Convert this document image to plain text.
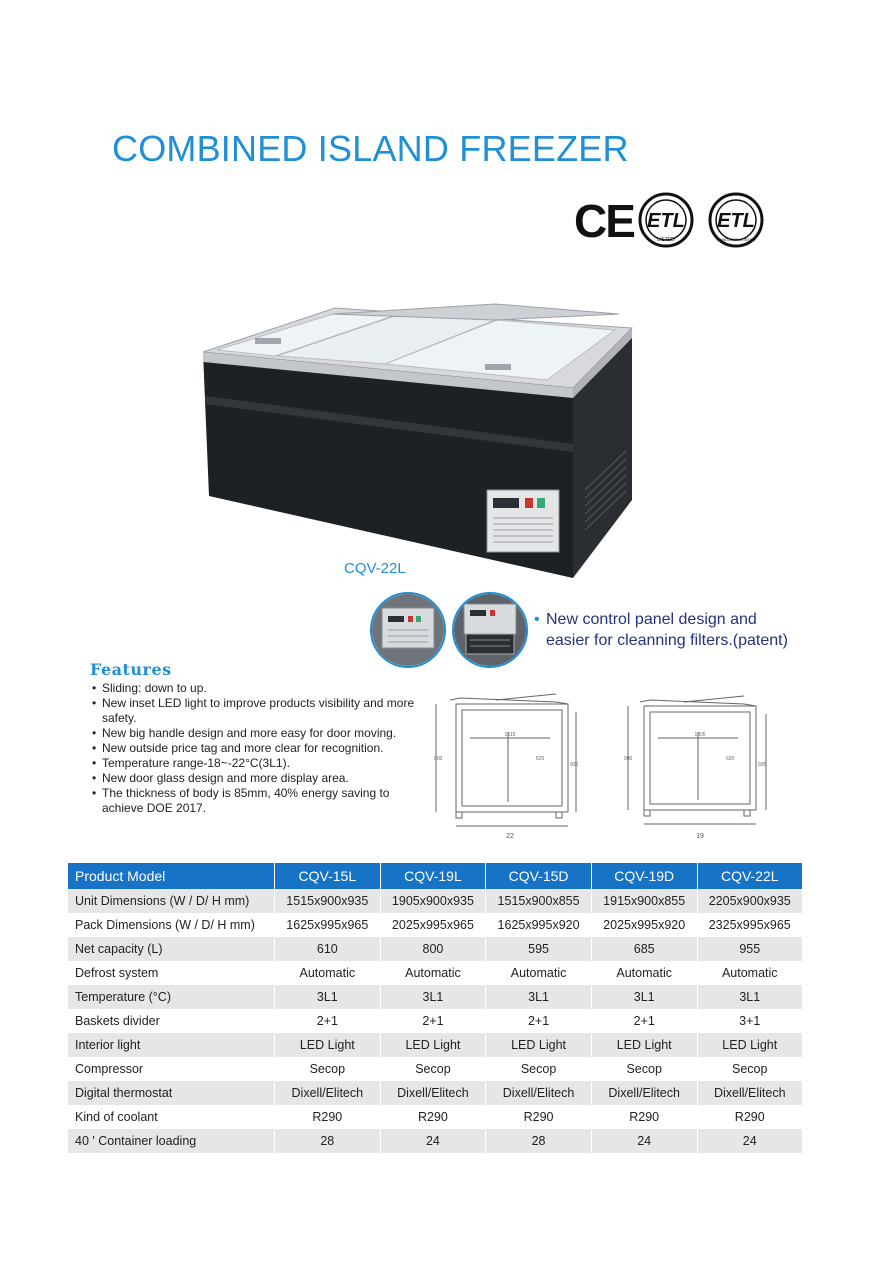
COMBINED ISLAND FREEZER
CE ETL
LISTED
ETL
SANITATION LISTED
CQV-22L
• New control panel design and
easier for cleanning filters.(patent)
Features
• Sliding: down to up.
• New inset LED light to improve products visibility and more safety.
• New big handle design and more easy for door moving.
• New outside price tag and more clear for recognition.
• Temperature range-18~-22°C(3L1).
• New door glass design and more display area.
• The thickness of body is 85mm, 40% energy saving to achieve DOE 2017.
1515
900
935
620
22
1905
900
935
620
19
Product Model	CQV-15L	CQV-19L	CQV-15D	CQV-19D	CQV-22L
Unit Dimensions (W / D/ H mm)	1515x900x935	1905x900x935	1515x900x855	1915x900x855	2205x900x935
Pack Dimensions (W / D/ H mm)	1625x995x965	2025x995x965	1625x995x920	2025x995x920	2325x995x965
Net capacity (L)	610	800	595	685	955
Defrost system	Automatic	Automatic	Automatic	Automatic	Automatic
Temperature (°C)	3L1	3L1	3L1	3L1	3L1
Baskets divider	2+1	2+1	2+1	2+1	3+1
Interior light	LED Light	LED Light	LED Light	LED Light	LED Light
Compressor	Secop	Secop	Secop	Secop	Secop
Digital thermostat	Dixell/Elitech	Dixell/Elitech	Dixell/Elitech	Dixell/Elitech	Dixell/Elitech
Kind of coolant	R290	R290	R290	R290	R290
40 ' Container loading	28	24	28	24	24
